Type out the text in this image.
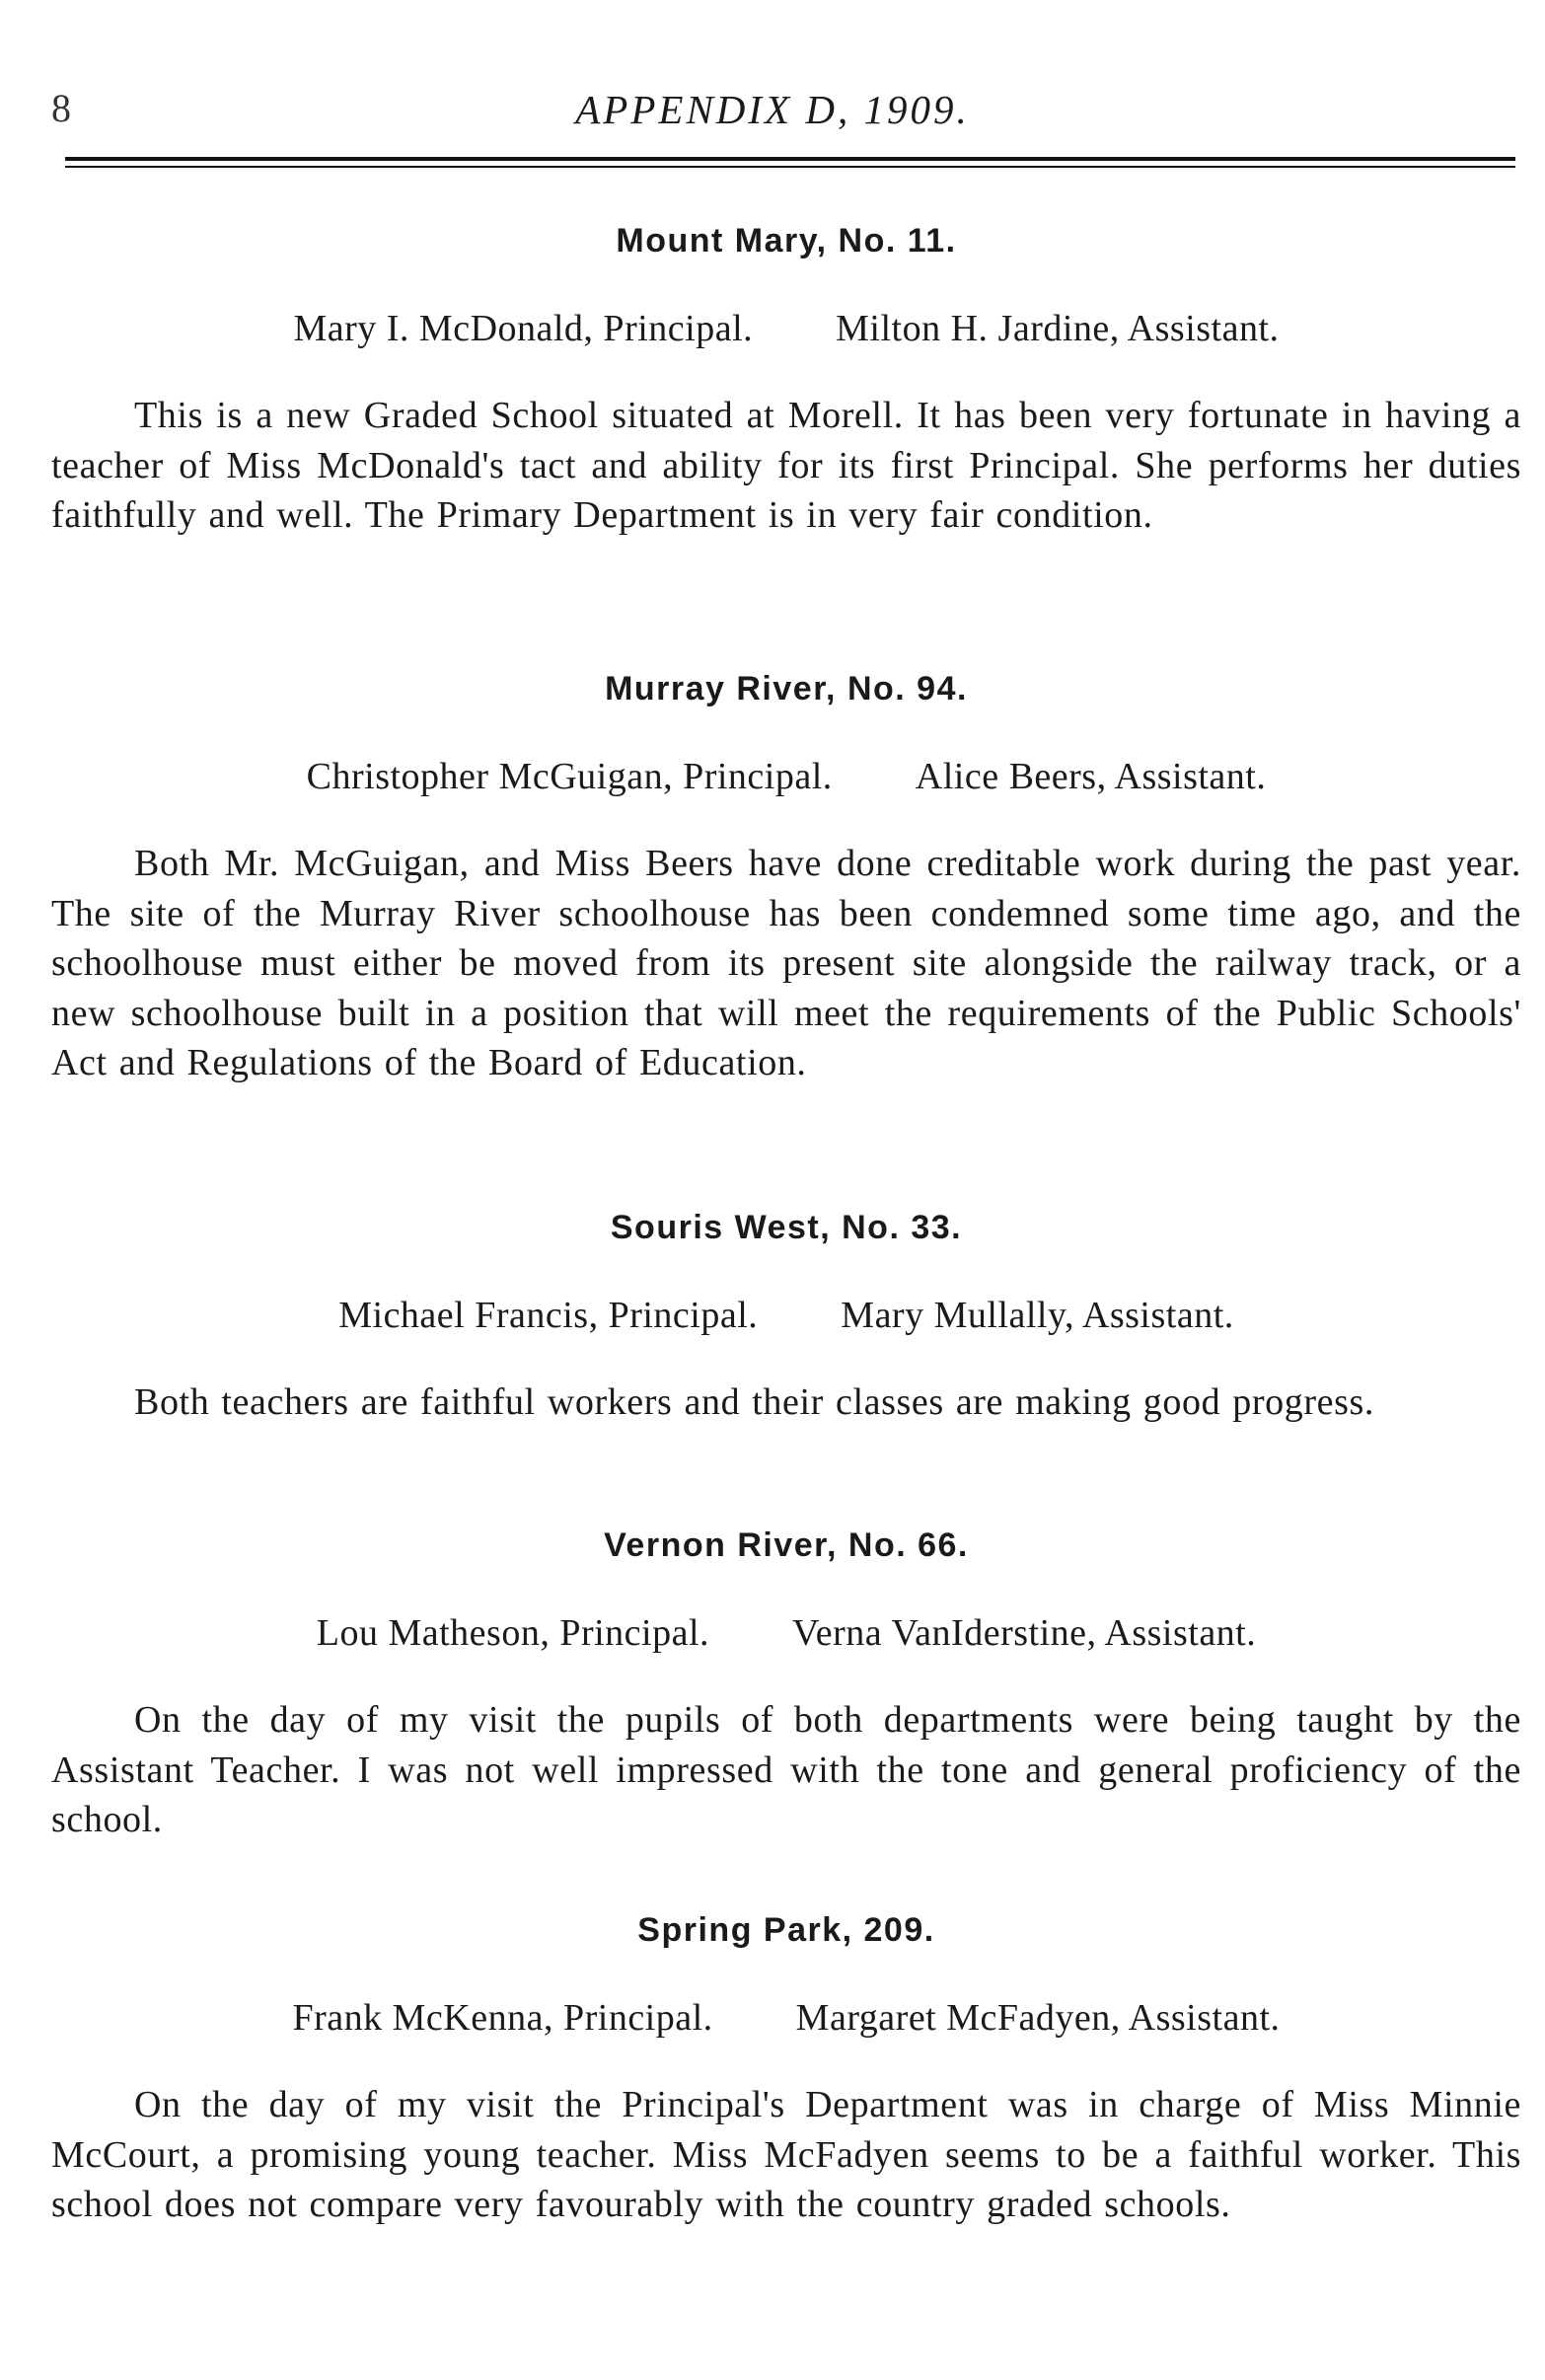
8	APPENDIX D, 1909.
Mount Mary, No. 11.
Mary I. McDonald, Principal. Milton H. Jardine, Assistant.

This is a new Graded School situated at Morell. It has been very fortunate in having a teacher of Miss McDonald's tact and ability for its first Principal. She performs her duties faithfully and well. The Primary Department is in very fair condition.

Murray River, No. 94.
Christopher McGuigan, Principal. Alice Beers, Assistant.

Both Mr. McGuigan, and Miss Beers have done creditable work during the past year. The site of the Murray River schoolhouse has been condemned some time ago, and the schoolhouse must either be moved from its present site alongside the railway track, or a new schoolhouse built in a position that will meet the requirements of the Public Schools' Act and Regulations of the Board of Education.

Souris West, No. 33.
Michael Francis, Principal. Mary Mullally, Assistant.

Both teachers are faithful workers and their classes are making good progress.

Vernon River, No. 66.
Lou Matheson, Principal. Verna VanIderstine, Assistant.

On the day of my visit the pupils of both departments were being taught by the Assistant Teacher. I was not well impressed with the tone and general proficiency of the school.

Spring Park, 209.
Frank McKenna, Principal. Margaret McFadyen, Assistant.

On the day of my visit the Principal's Department was in charge of Miss Minnie McCourt, a promising young teacher. Miss McFadyen seems to be a faithful worker. This school does not compare very favourably with the country graded schools.
